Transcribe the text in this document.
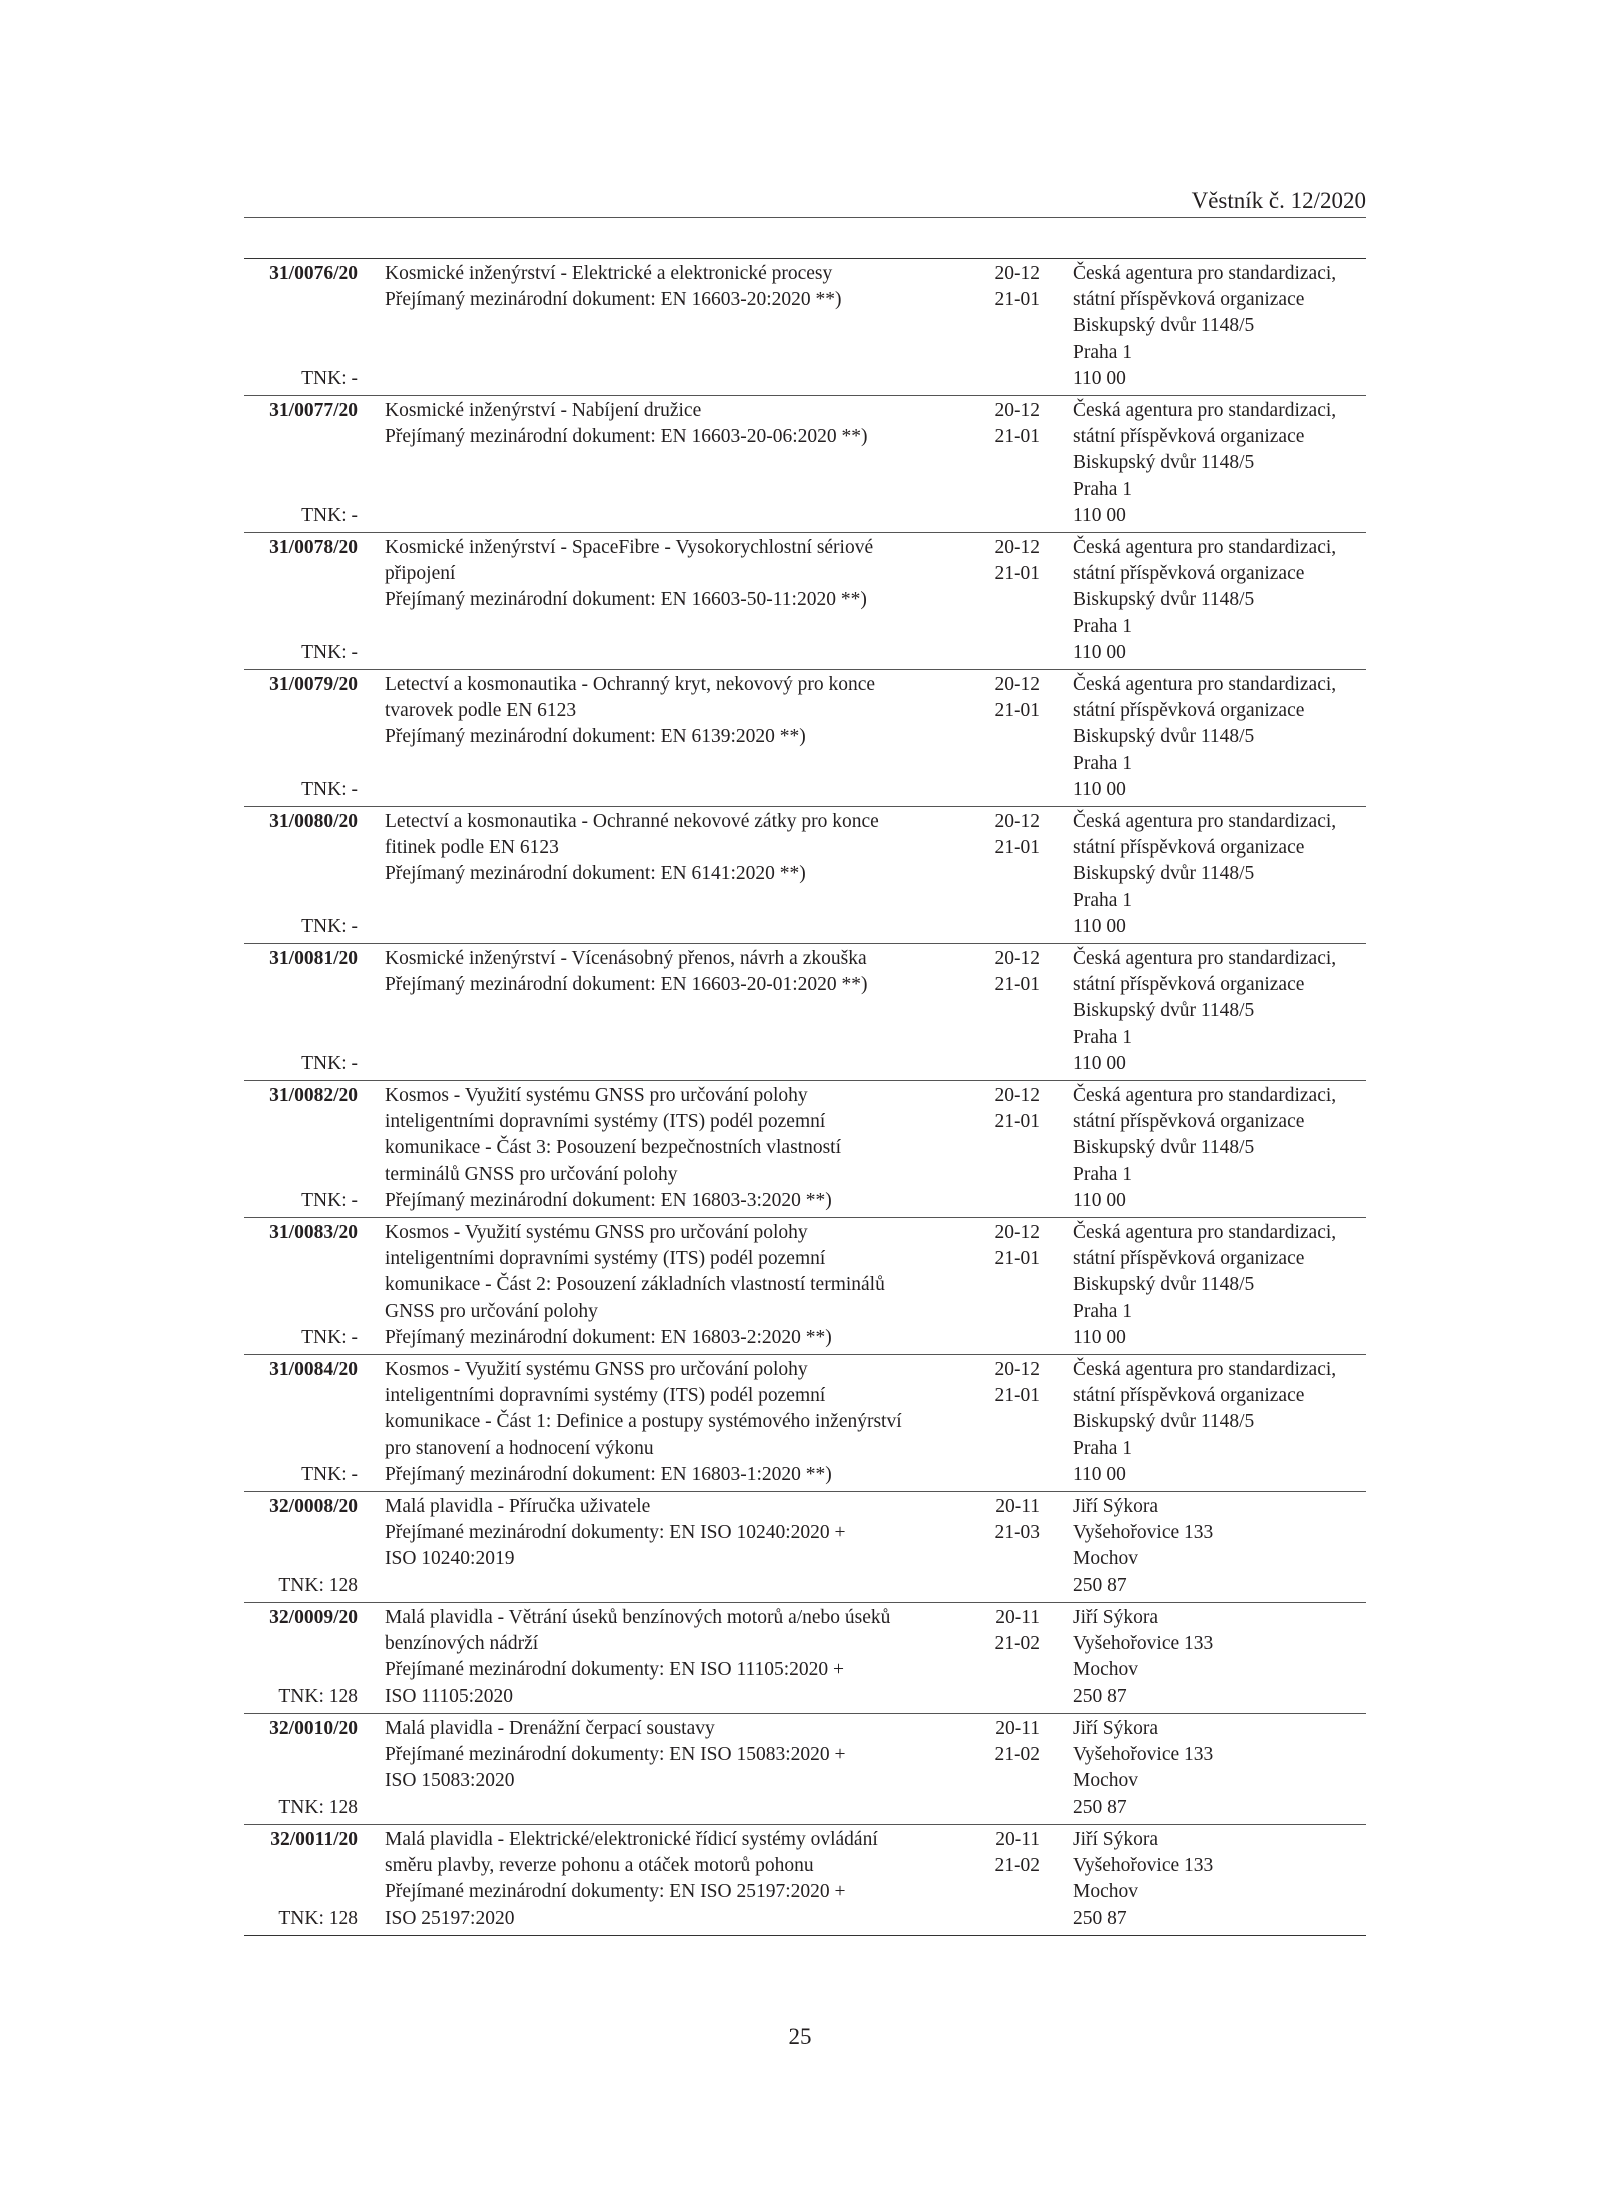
Věstník č. 12/2020
31/0076/20
TNK: -
Kosmické inženýrství - Elektrické a elektronické procesy
Přejímaný mezinárodní dokument: EN 16603-20:2020 **)
20-12
21-01
Česká agentura pro standardizaci,
státní příspěvková organizace
Biskupský dvůr 1148/5
Praha 1
110 00
31/0077/20
TNK: -
Kosmické inženýrství - Nabíjení družice
Přejímaný mezinárodní dokument: EN 16603-20-06:2020 **)
20-12
21-01
Česká agentura pro standardizaci,
státní příspěvková organizace
Biskupský dvůr 1148/5
Praha 1
110 00
31/0078/20
TNK: -
Kosmické inženýrství - SpaceFibre - Vysokorychlostní sériové
připojení
Přejímaný mezinárodní dokument: EN 16603-50-11:2020 **)
20-12
21-01
Česká agentura pro standardizaci,
státní příspěvková organizace
Biskupský dvůr 1148/5
Praha 1
110 00
31/0079/20
TNK: -
Letectví a kosmonautika - Ochranný kryt, nekovový pro konce
tvarovek podle EN 6123
Přejímaný mezinárodní dokument: EN 6139:2020 **)
20-12
21-01
Česká agentura pro standardizaci,
státní příspěvková organizace
Biskupský dvůr 1148/5
Praha 1
110 00
31/0080/20
TNK: -
Letectví a kosmonautika - Ochranné nekovové zátky pro konce
fitinek podle EN 6123
Přejímaný mezinárodní dokument: EN 6141:2020 **)
20-12
21-01
Česká agentura pro standardizaci,
státní příspěvková organizace
Biskupský dvůr 1148/5
Praha 1
110 00
31/0081/20
TNK: -
Kosmické inženýrství - Vícenásobný přenos, návrh a zkouška
Přejímaný mezinárodní dokument: EN 16603-20-01:2020 **)
20-12
21-01
Česká agentura pro standardizaci,
státní příspěvková organizace
Biskupský dvůr 1148/5
Praha 1
110 00
31/0082/20
TNK: -
Kosmos - Využití systému GNSS pro určování polohy
inteligentními dopravními systémy (ITS) podél pozemní
komunikace - Část 3: Posouzení bezpečnostních vlastností
terminálů GNSS pro určování polohy
Přejímaný mezinárodní dokument: EN 16803-3:2020 **)
20-12
21-01
Česká agentura pro standardizaci,
státní příspěvková organizace
Biskupský dvůr 1148/5
Praha 1
110 00
31/0083/20
TNK: -
Kosmos - Využití systému GNSS pro určování polohy
inteligentními dopravními systémy (ITS) podél pozemní
komunikace - Část 2: Posouzení základních vlastností terminálů
GNSS pro určování polohy
Přejímaný mezinárodní dokument: EN 16803-2:2020 **)
20-12
21-01
Česká agentura pro standardizaci,
státní příspěvková organizace
Biskupský dvůr 1148/5
Praha 1
110 00
31/0084/20
TNK: -
Kosmos - Využití systému GNSS pro určování polohy
inteligentními dopravními systémy (ITS) podél pozemní
komunikace - Část 1: Definice a postupy systémového inženýrství
pro stanovení a hodnocení výkonu
Přejímaný mezinárodní dokument: EN 16803-1:2020 **)
20-12
21-01
Česká agentura pro standardizaci,
státní příspěvková organizace
Biskupský dvůr 1148/5
Praha 1
110 00
32/0008/20
TNK: 128
Malá plavidla - Příručka uživatele
Přejímané mezinárodní dokumenty: EN ISO 10240:2020 +
ISO 10240:2019
20-11
21-03
Jiří Sýkora
Vyšehořovice 133
Mochov
250 87
32/0009/20
TNK: 128
Malá plavidla - Větrání úseků benzínových motorů a/nebo úseků
benzínových nádrží
Přejímané mezinárodní dokumenty: EN ISO 11105:2020 +
ISO 11105:2020
20-11
21-02
Jiří Sýkora
Vyšehořovice 133
Mochov
250 87
32/0010/20
TNK: 128
Malá plavidla - Drenážní čerpací soustavy
Přejímané mezinárodní dokumenty: EN ISO 15083:2020 +
ISO 15083:2020
20-11
21-02
Jiří Sýkora
Vyšehořovice 133
Mochov
250 87
32/0011/20
TNK: 128
Malá plavidla - Elektrické/elektronické řídicí systémy ovládání
směru plavby, reverze pohonu a otáček motorů pohonu
Přejímané mezinárodní dokumenty: EN ISO 25197:2020 +
ISO 25197:2020
20-11
21-02
Jiří Sýkora
Vyšehořovice 133
Mochov
250 87
25
